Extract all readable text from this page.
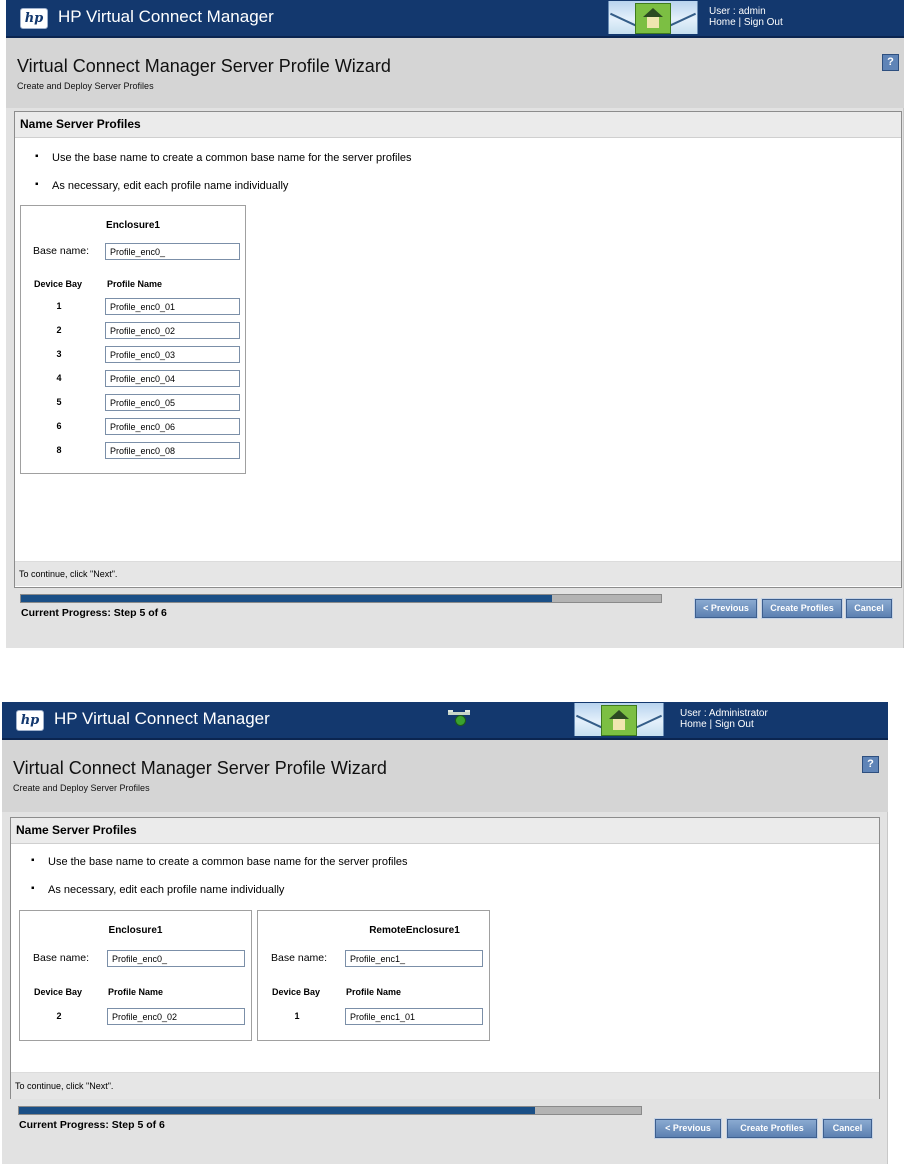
hp HP Virtual Connect Manager	User : admin
Home | Sign Out
Virtual Connect Manager Server Profile Wizard
Create and Deploy Server Profiles
?
Name Server Profiles

▪ Use the base name to create a common base name for the server profiles

▪ As necessary, edit each profile name individually

Enclosure1
Base name:	Profile_enc0_
Device Bay	Profile Name
1	Profile_enc0_01
2	Profile_enc0_02
3	Profile_enc0_03
4	Profile_enc0_04
5	Profile_enc0_05
6	Profile_enc0_06
8	Profile_enc0_08
To continue, click "Next".
Current Progress: Step 5 of 6	< Previous	Create Profiles	Cancel
hp HP Virtual Connect Manager	User : Administrator
Home | Sign Out
Virtual Connect Manager Server Profile Wizard
Create and Deploy Server Profiles
?
Name Server Profiles

▪ Use the base name to create a common base name for the server profiles

▪ As necessary, edit each profile name individually

Enclosure1
Base name:	Profile_enc0_
Device Bay	Profile Name
2	Profile_enc0_02
RemoteEnclosure1
Base name:	Profile_enc1_
Device Bay	Profile Name
1	Profile_enc1_01
To continue, click "Next".
Current Progress: Step 5 of 6	< Previous	Create Profiles	Cancel
